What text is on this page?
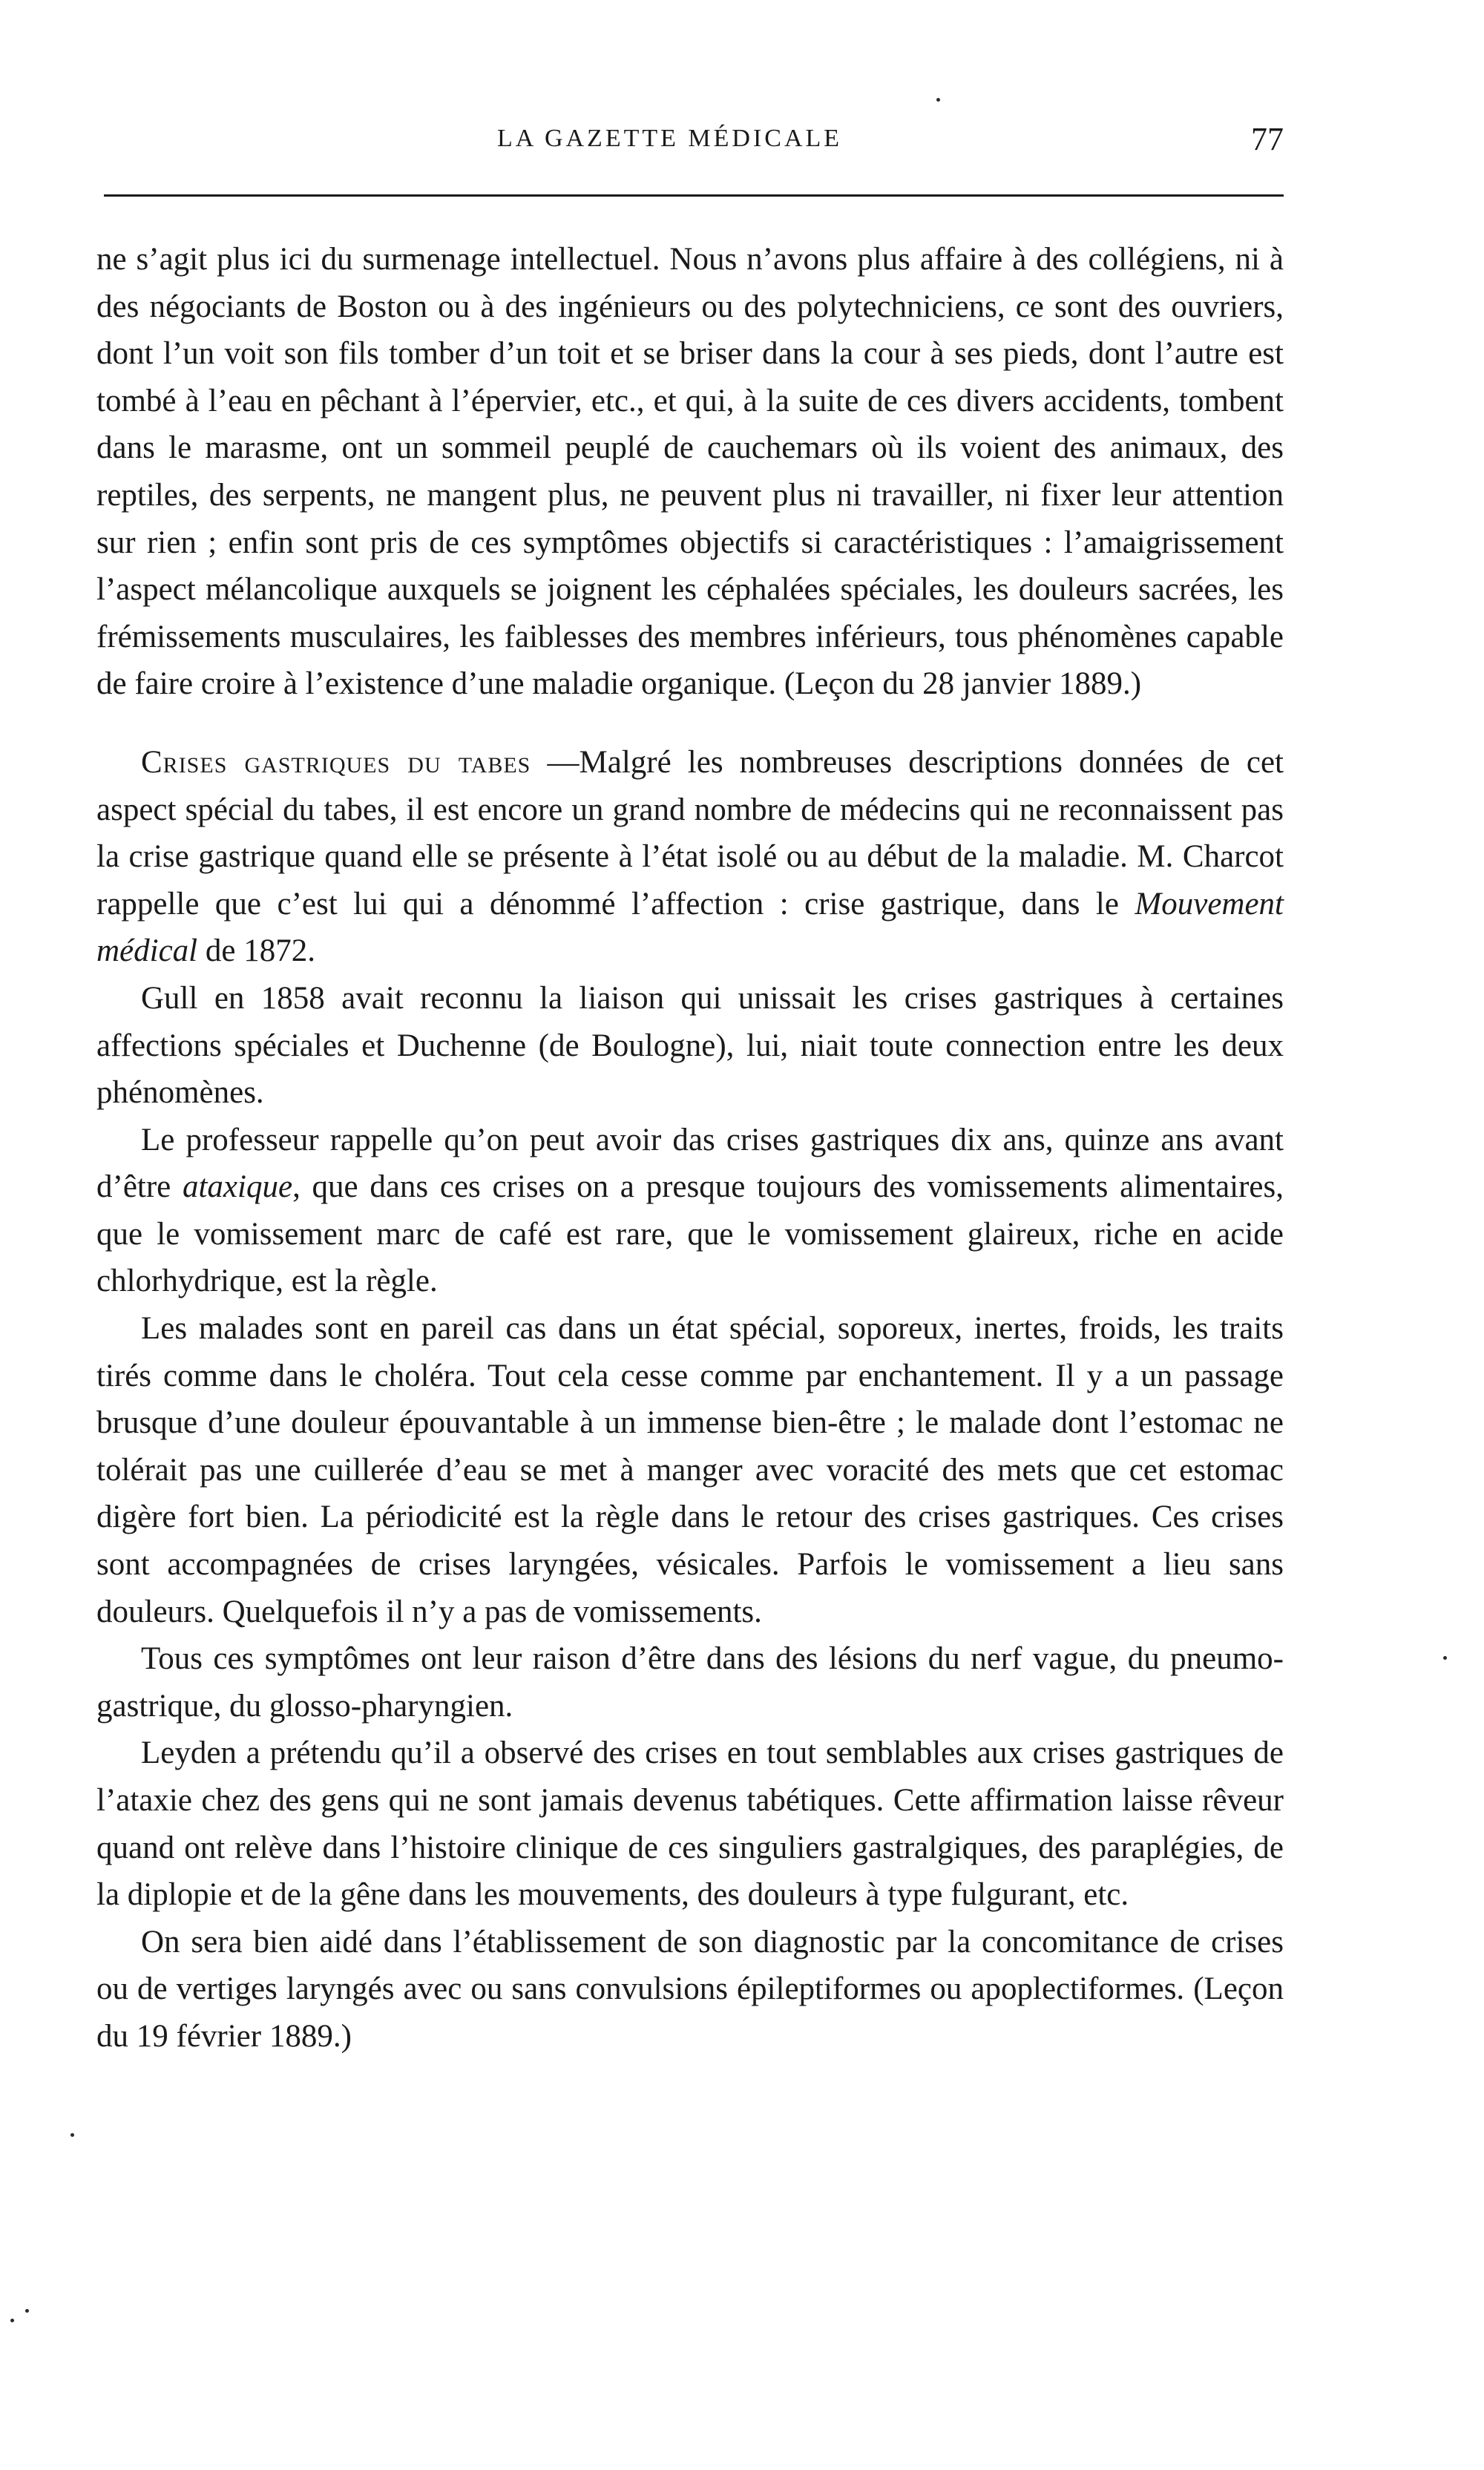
LA GAZETTE MÉDICALE	77

ne s’agit plus ici du surmenage intellectuel. Nous n’avons plus affaire à des collégiens, ni à des négociants de Boston ou à des ingénieurs ou des polytechniciens, ce sont des ouvriers, dont l’un voit son fils tomber d’un toit et se briser dans la cour à ses pieds, dont l’autre est tombé à l’eau en pêchant à l’épervier, etc., et qui, à la suite de ces divers accidents, tombent dans le marasme, ont un sommeil peuplé de cauchemars où ils voient des animaux, des reptiles, des serpents, ne mangent plus, ne peuvent plus ni travailler, ni fixer leur attention sur rien ; enfin sont pris de ces symptômes objectifs si caractéristiques : l’amaigrissement l’aspect mélancolique auxquels se joignent les céphalées spéciales, les douleurs sacrées, les frémissements musculaires, les faiblesses des membres inférieurs, tous phénomènes capable de faire croire à l’existence d’une maladie organique. (Leçon du 28 janvier 1889.)

Crises gastriques du tabes —Malgré les nombreuses descriptions données de cet aspect spécial du tabes, il est encore un grand nombre de médecins qui ne reconnaissent pas la crise gastrique quand elle se présente à l’état isolé ou au début de la maladie. M. Charcot rappelle que c’est lui qui a dénommé l’affection : crise gastrique, dans le Mouvement médical de 1872.

Gull en 1858 avait reconnu la liaison qui unissait les crises gastriques à certaines affections spéciales et Duchenne (de Boulogne), lui, niait toute connection entre les deux phénomènes.

Le professeur rappelle qu’on peut avoir das crises gastriques dix ans, quinze ans avant d’être ataxique, que dans ces crises on a presque toujours des vomissements alimentaires, que le vomissement marc de café est rare, que le vomissement glaireux, riche en acide chlorhydrique, est la règle.

Les malades sont en pareil cas dans un état spécial, soporeux, inertes, froids, les traits tirés comme dans le choléra. Tout cela cesse comme par enchantement. Il y a un passage brusque d’une douleur épouvantable à un immense bien-être ; le malade dont l’estomac ne tolérait pas une cuillerée d’eau se met à manger avec voracité des mets que cet estomac digère fort bien. La périodicité est la règle dans le retour des crises gastriques. Ces crises sont accompagnées de crises laryngées, vésicales. Parfois le vomissement a lieu sans douleurs. Quelquefois il n’y a pas de vomissements.

Tous ces symptômes ont leur raison d’être dans des lésions du nerf vague, du pneumo-gastrique, du glosso-pharyngien.

Leyden a prétendu qu’il a observé des crises en tout semblables aux crises gastriques de l’ataxie chez des gens qui ne sont jamais devenus tabétiques. Cette affirmation laisse rêveur quand ont relève dans l’histoire clinique de ces singuliers gastralgiques, des paraplégies, de la diplopie et de la gêne dans les mouvements, des douleurs à type fulgurant, etc.

On sera bien aidé dans l’établissement de son diagnostic par la concomitance de crises ou de vertiges laryngés avec ou sans convulsions épileptiformes ou apoplectiformes. (Leçon du 19 février 1889.)
